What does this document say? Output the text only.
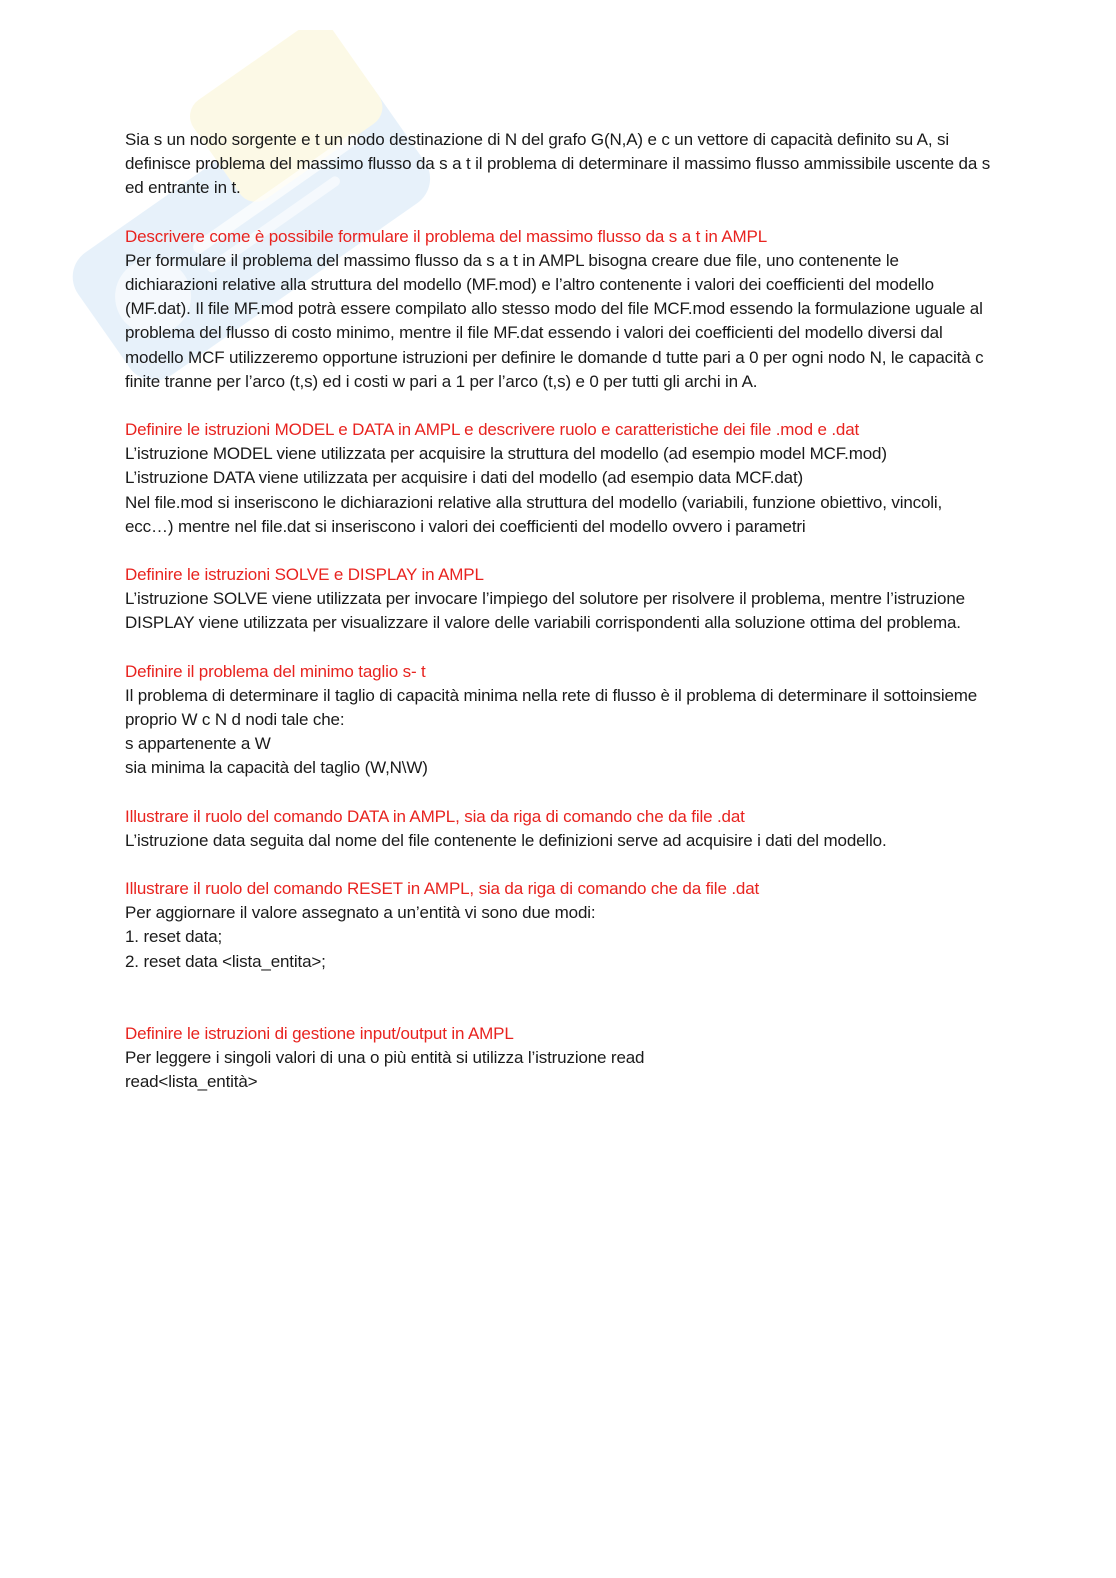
Sia s un nodo sorgente e t un nodo destinazione di N del grafo G(N,A) e c un vettore di capacità definito su A, si definisce problema del massimo flusso da s a t il problema di determinare il massimo flusso ammissibile uscente da s ed entrante in t.

Descrivere come è possibile formulare il problema del massimo flusso da s a t in AMPL

Per formulare il problema del massimo flusso da s a t in AMPL bisogna creare due file, uno contenente le dichiarazioni relative alla struttura del modello (MF.mod) e l’altro contenente i valori dei coefficienti del modello (MF.dat). Il file MF.mod potrà essere compilato allo stesso modo del file MCF.mod essendo la formulazione uguale al problema del flusso di costo minimo, mentre il file MF.dat essendo i valori dei coefficienti del modello diversi dal modello MCF utilizzeremo opportune istruzioni per definire le domande d tutte pari a 0 per ogni nodo N, le capacità c finite tranne per l’arco (t,s) ed i costi w pari a 1 per l’arco (t,s) e 0 per tutti gli archi in A.

Definire le istruzioni MODEL e DATA in AMPL e descrivere ruolo e caratteristiche dei file .mod e .dat

L’istruzione MODEL viene utilizzata per acquisire la struttura del modello (ad esempio model MCF.mod)

L’istruzione DATA viene utilizzata per acquisire i dati del modello (ad esempio data MCF.dat)

Nel file.mod si inseriscono le dichiarazioni relative alla struttura del modello (variabili, funzione obiettivo, vincoli, ecc…) mentre nel file.dat si inseriscono i valori dei coefficienti del modello ovvero i parametri

Definire le istruzioni SOLVE e DISPLAY in AMPL

L’istruzione SOLVE viene utilizzata per invocare l’impiego del solutore per risolvere il problema, mentre l’istruzione DISPLAY viene utilizzata per visualizzare il valore delle variabili corrispondenti alla soluzione ottima del problema.

Definire il problema del minimo taglio s- t

Il problema di determinare il taglio di capacità minima nella rete di flusso è il problema di determinare il sottoinsieme proprio W c N d nodi tale che:

s appartenente a W

sia minima la capacità del taglio (W,N\W)

Illustrare il ruolo del comando DATA in AMPL, sia da riga di comando che da file .dat

L’istruzione data seguita dal nome del file contenente le definizioni serve ad acquisire i dati del modello.

Illustrare il ruolo del comando RESET in AMPL, sia da riga di comando che da file .dat

Per aggiornare il valore assegnato a un’entità vi sono due modi:

1. reset data;

2. reset data <lista_entita>;

Definire le istruzioni di gestione input/output in AMPL

Per leggere i singoli valori di una o più entità si utilizza l’istruzione read

read<lista_entità>
